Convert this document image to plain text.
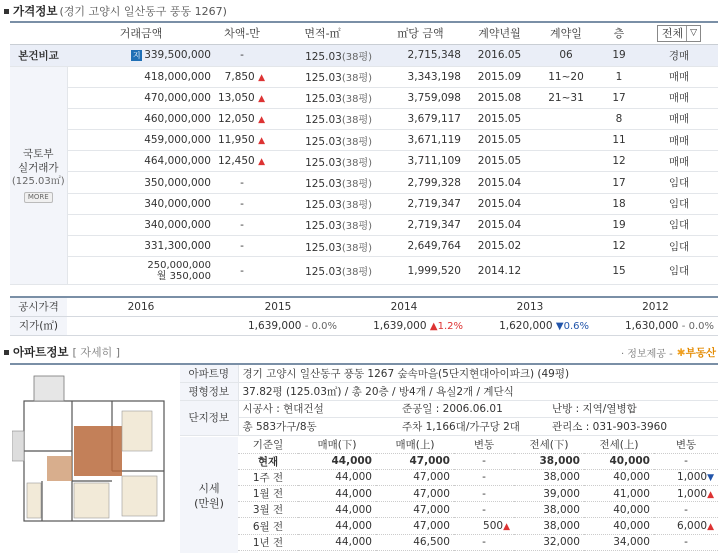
가격정보 (경기 고양시 일산동구 풍동 1267)
	거래금액	차액-만	면적-㎡	㎡당 금액	계약년월	계약일	층	전체 ▽

본건비교	지 339,500,000	-	125.03(38평)	2,715,348	2016.05	06	19	경매

국토부
실거래가
(125.03㎡)
MORE	418,000,000	7,850 ▲	125.03(38평)	3,343,198	2015.09	11~20	1	매매
	470,000,000	13,050 ▲	125.03(38평)	3,759,098	2015.08	21~31	17	매매
	460,000,000	12,050 ▲	125.03(38평)	3,679,117	2015.05		8	매매
	459,000,000	11,950 ▲	125.03(38평)	3,671,119	2015.05		11	매매
	464,000,000	12,450 ▲	125.03(38평)	3,711,109	2015.05		12	매매
	350,000,000	-	125.03(38평)	2,799,328	2015.04		17	임대
	340,000,000	-	125.03(38평)	2,719,347	2015.04		18	임대
	340,000,000	-	125.03(38평)	2,719,347	2015.04		19	임대
	331,300,000	-	125.03(38평)	2,649,764	2015.02		12	임대

	250,000,000
월 350,000	-	125.03(38평)	1,999,520	2014.12		15	임대
공시가격	2016	2015	2014	2013	2012
지가(㎡)		1,639,000 - 0.0%	1,639,000 ▲1.2%	1,620,000 ▼0.6%	1,630,000 - 0.0%
아파트정보 [ 자세히 ]	· 정보제공 - ✱부동산
아파트명	경기 고양시 일산동구 풍동 1267 숲속마을(5단지현대아이파크) (49평)		
평형정보	37.82평 (125.03㎡) / 총 20층 / 방4개 / 욕실2개 / 계단식		
단지정보	시공사 : 현대건설	준공일 : 2006.06.01	난방 : 지역/열병합
	총 583가구/8동	주차 1,166대/가구당 2대	관리소 : 031-903-3960
시세
(만원)
기준일	매매(下)	매매(上)	변동	전세(下)	전세(上)	변동
현재	44,000	47,000	-	38,000	40,000	-
1주 전	44,000	47,000	-	38,000	40,000	1,000▼
1월 전	44,000	47,000	-	39,000	41,000	1,000▲
3월 전	44,000	47,000	-	38,000	40,000	-
6월 전	44,000	47,000	500▲	38,000	40,000	6,000▲
1년 전	44,000	46,500	-	32,000	34,000	-
